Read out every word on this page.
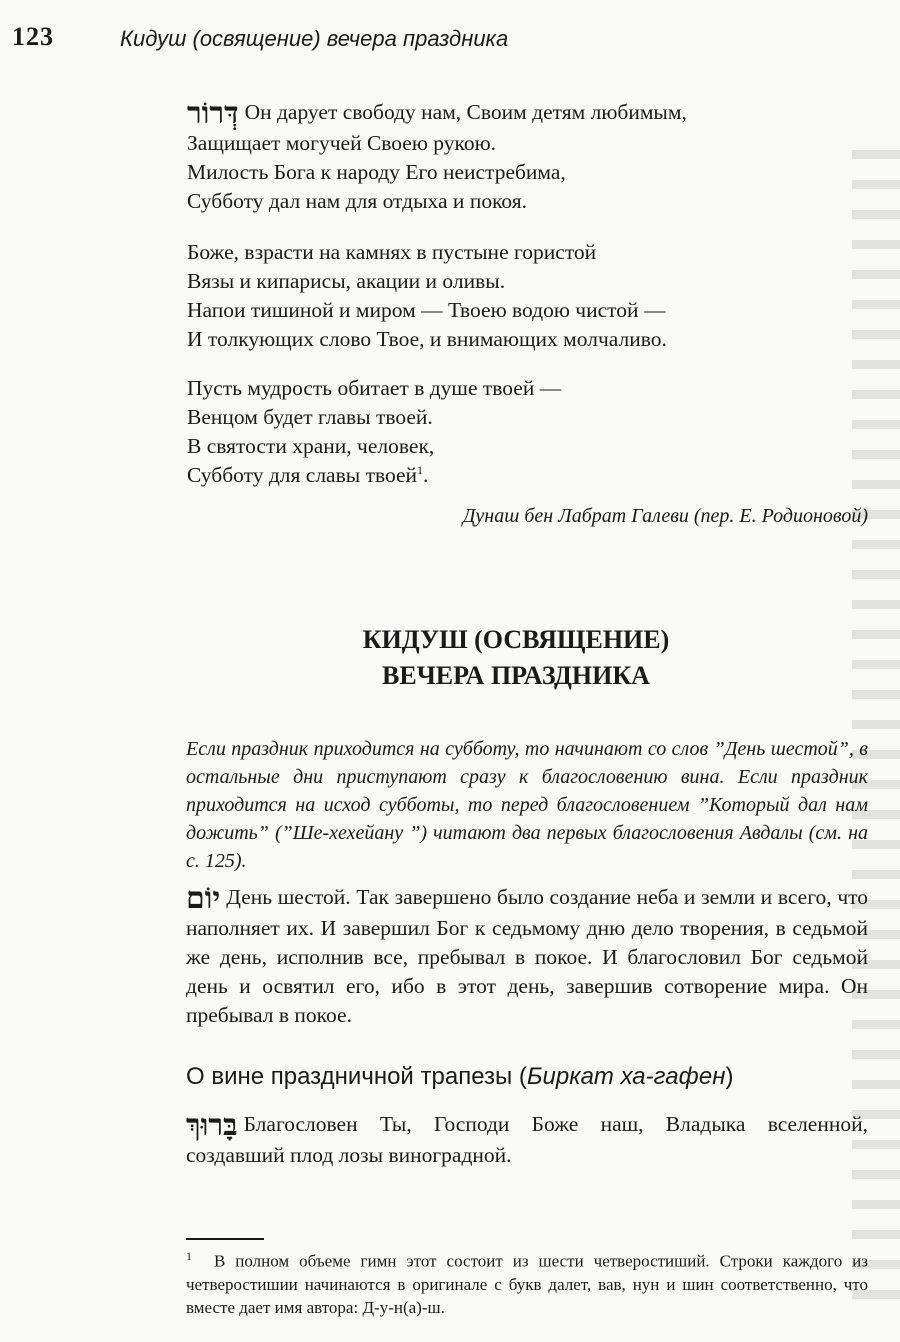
123	Кидуш (освящение) вечера праздника
דְּרוֹר Он дарует свободу нам, Своим детям любимым,
Защищает могучей Своею рукою.
Милость Бога к народу Его неистребима,
Субботу дал нам для отдыха и покоя.
Боже, взрасти на камнях в пустыне гористой
Вязы и кипарисы, акации и оливы.
Напои тишиной и миром — Твоею водою чистой —
И толкующих слово Твое, и внимающих молчаливо.
Пусть мудрость обитает в душе твоей —
Венцом будет главы твоей.
В святости храни, человек,
Субботу для славы твоей$^1$.
Дунаш бен Лабрат Галеви (пер. Е. Родионовой)
КИДУШ (ОСВЯЩЕНИЕ)
ВЕЧЕРА ПРАЗДНИКА

Если праздник приходится на субботу, то начинают со слов ”День шестой”, в остальные дни приступают сразу к благословению вина. Если праздник приходится на исход субботы, то перед благословением ”Который дал нам дожить” (”Ше-хехейану ”) читают два первых благословения Авдалы (см. на с. 125).

יוֹם День шестой. Так завершено было создание неба и земли и всего, что наполняет их. И завершил Бог к седьмому дню дело творения, в седьмой же день, исполнив все, пребывал в покое. И благословил Бог седьмой день и освятил его, ибо в этот день, завершив сотворение мира. Он пребывал в покое.

О вине праздничной трапезы (Биркат ха-гафен)

בָּרוּךְ Благословен Ты, Господи Боже наш, Владыка вселенной, создавший плод лозы виноградной.

$^1$ В полном объеме гимн этот состоит из шести четверостиший. Строки каждого из четверостишии начинаются в оригинале с букв далет, вав, нун и шин соответственно, что вместе дает имя автора: Д-у-н(а)-ш.
